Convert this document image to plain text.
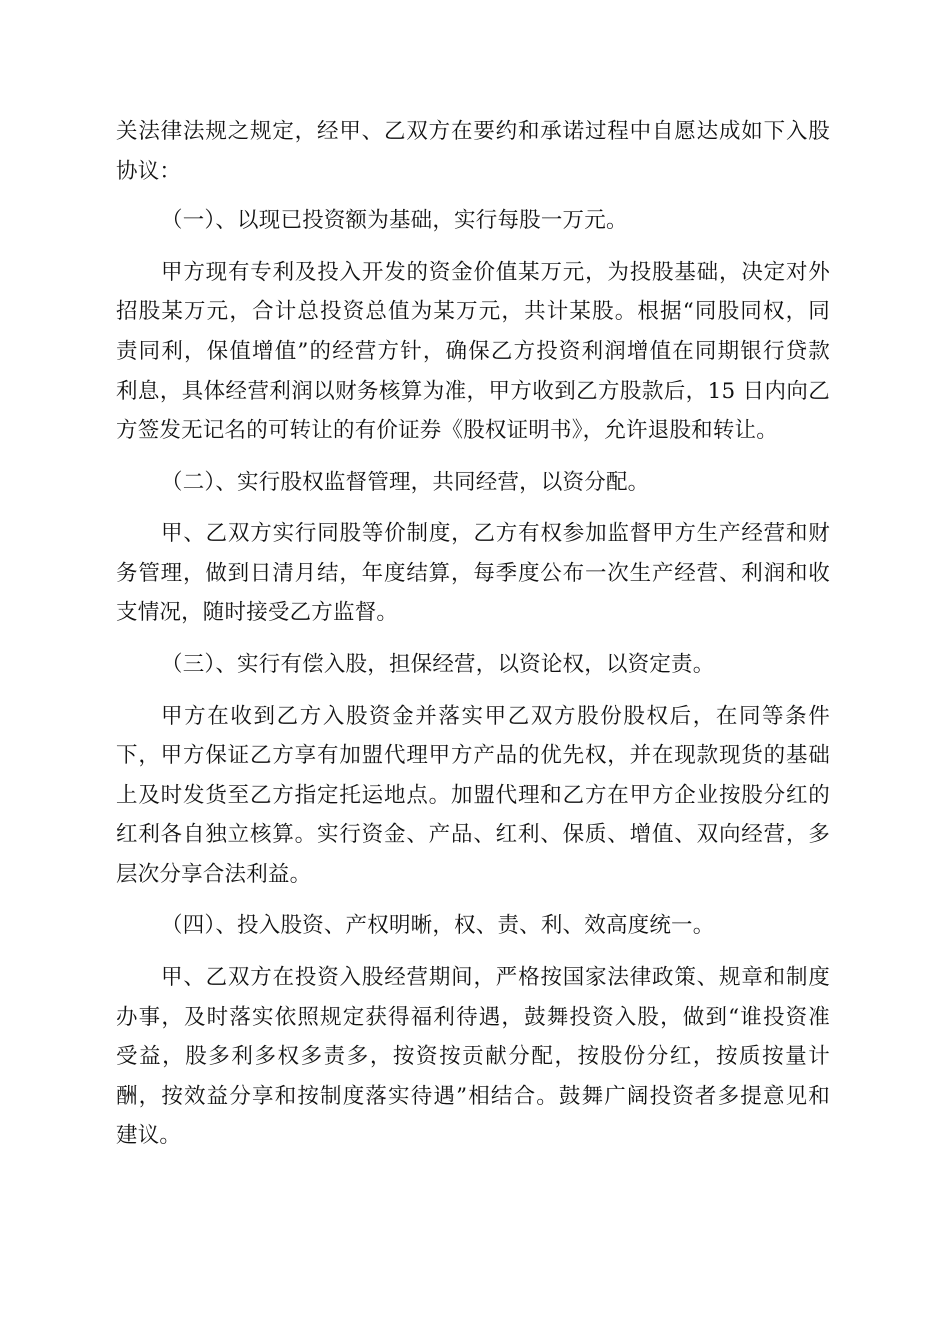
关法律法规之规定，经甲、乙双方在要约和承诺过程中自愿达成如下入股
协议：
（一）、以现已投资额为基础，实行每股一万元。
甲方现有专利及投入开发的资金价值某万元，为投股基础，决定对外
招股某万元，合计总投资总值为某万元，共计某股。根据“同股同权，同
责同利，保值增值”的经营方针，确保乙方投资利润增值在同期银行贷款
利息，具体经营利润以财务核算为准，甲方收到乙方股款后，15 日内向乙
方签发无记名的可转让的有价证券《股权证明书》，允许退股和转让。
（二）、实行股权监督管理，共同经营，以资分配。
甲、乙双方实行同股等价制度，乙方有权参加监督甲方生产经营和财
务管理，做到日清月结，年度结算，每季度公布一次生产经营、利润和收
支情况，随时接受乙方监督。
（三）、实行有偿入股，担保经营，以资论权，以资定责。
甲方在收到乙方入股资金并落实甲乙双方股份股权后，在同等条件
下，甲方保证乙方享有加盟代理甲方产品的优先权，并在现款现货的基础
上及时发货至乙方指定托运地点。加盟代理和乙方在甲方企业按股分红的
红利各自独立核算。实行资金、产品、红利、保质、增值、双向经营，多
层次分享合法利益。
（四）、投入股资、产权明晰，权、责、利、效高度统一。
甲、乙双方在投资入股经营期间，严格按国家法律政策、规章和制度
办事，及时落实依照规定获得福利待遇，鼓舞投资入股，做到“谁投资准
受益，股多利多权多责多，按资按贡献分配，按股份分红，按质按量计
酬，按效益分享和按制度落实待遇”相结合。鼓舞广阔投资者多提意见和
建议。
